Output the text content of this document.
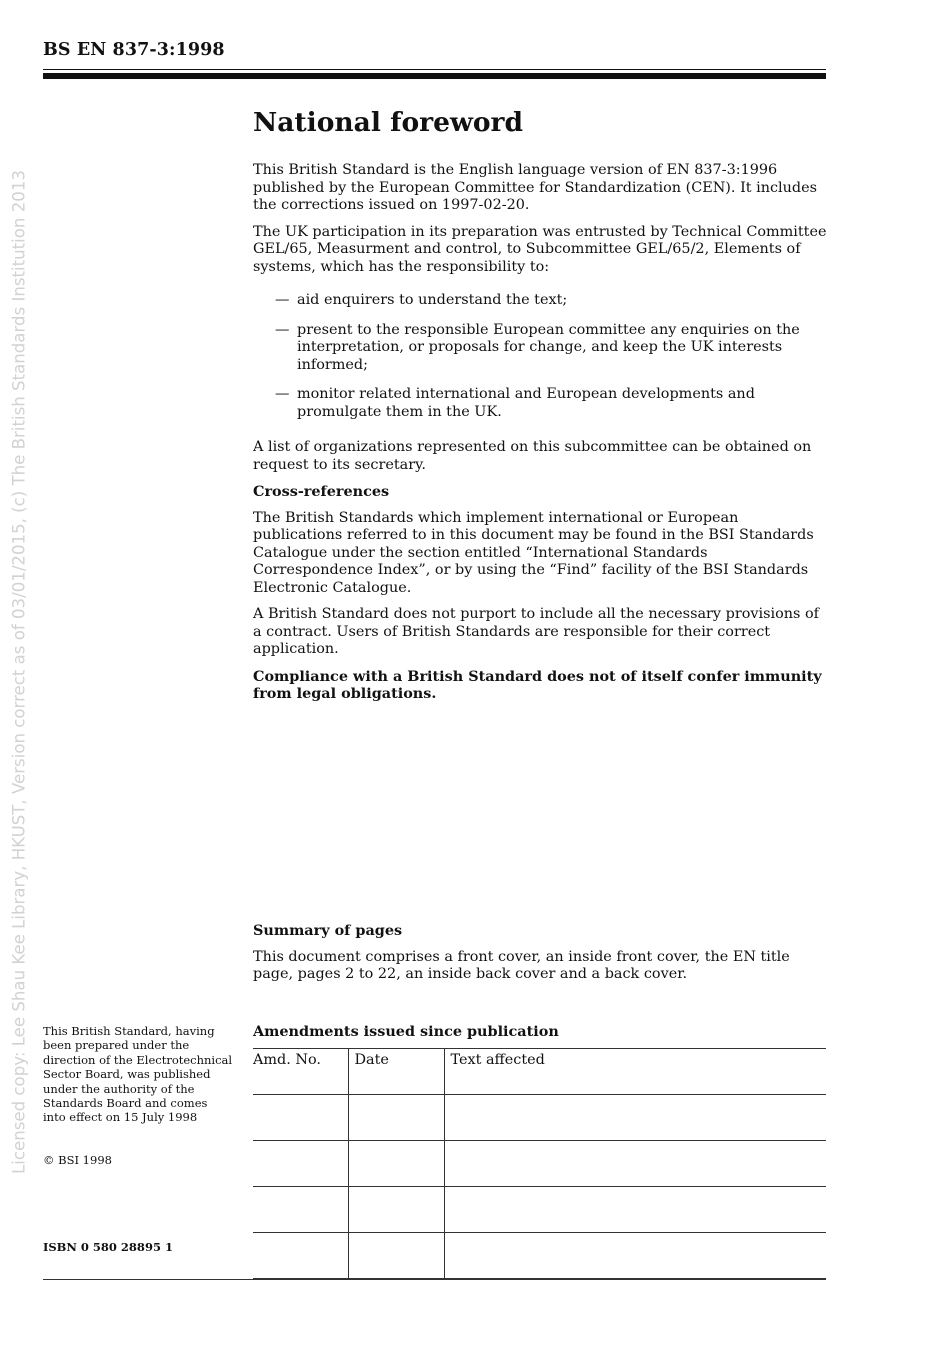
BS EN 837-3:1998
Licensed copy: Lee Shau Kee Library, HKUST, Version correct as of 03/01/2015, (c) The British Standards Institution 2013
National foreword

This British Standard is the English language version of EN 837-3:1996 published by the European Committee for Standardization (CEN). It includes the corrections issued on 1997-02-20.

The UK participation in its preparation was entrusted by Technical Committee GEL/65, Measurment and control, to Subcommittee GEL/65/2, Elements of systems, which has the responsibility to:

— aid enquirers to understand the text;
— present to the responsible European committee any enquiries on the interpretation, or proposals for change, and keep the UK interests informed;
— monitor related international and European developments and promulgate them in the UK.

A list of organizations represented on this subcommittee can be obtained on request to its secretary.

Cross-references

The British Standards which implement international or European publications referred to in this document may be found in the BSI Standards Catalogue under the section entitled “International Standards Correspondence Index”, or by using the “Find” facility of the BSI Standards Electronic Catalogue.

A British Standard does not purport to include all the necessary provisions of a contract. Users of British Standards are responsible for their correct application.

Compliance with a British Standard does not of itself confer immunity from legal obligations.

Summary of pages

This document comprises a front cover, an inside front cover, the EN title page, pages 2 to 22, an inside back cover and a back cover.

Amendments issued since publication
Amd. No.	Date	Text affected

This British Standard, having been prepared under the direction of the Electrotechnical Sector Board, was published under the authority of the Standards Board and comes into effect on 15 July 1998
© BSI 1998
ISBN 0 580 28895 1
